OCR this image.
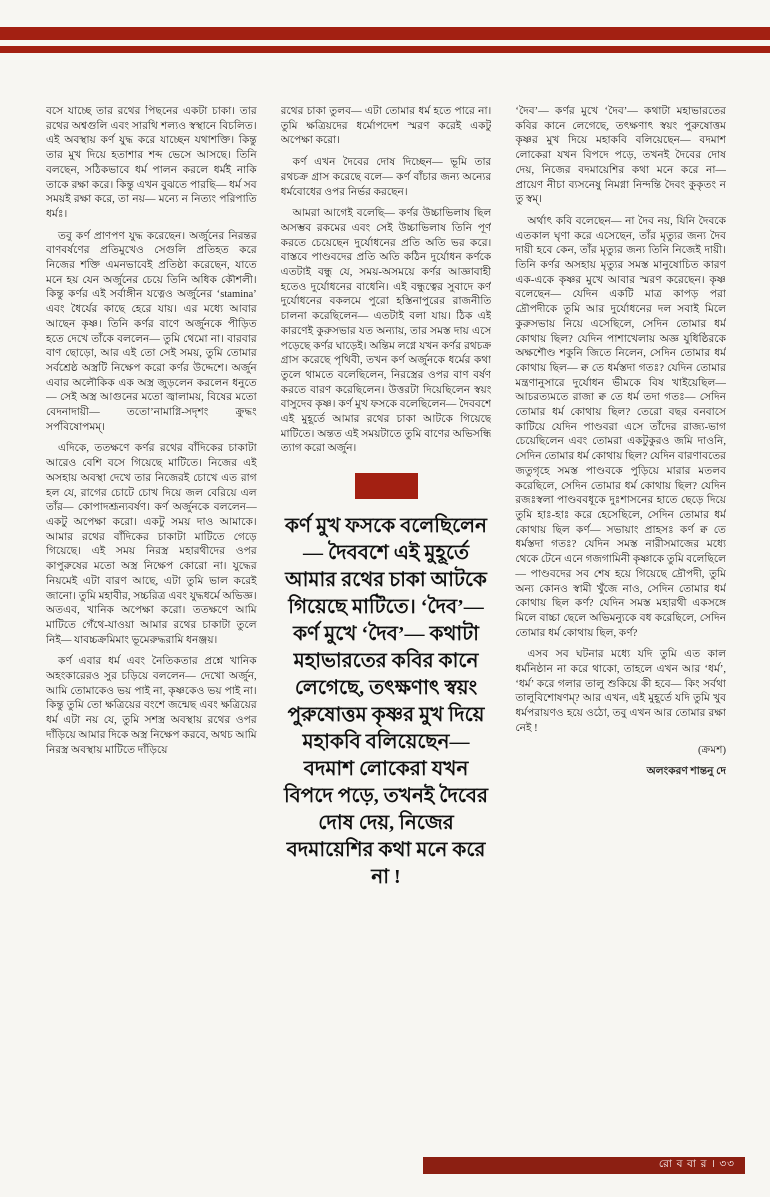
বসে যাচ্ছে তার রথের পিছনের একটা চাকা। তার রথের অশ্বগুলি এবং সারথি শল্যও স্বস্থানে বিচলিত। এই অবস্থায় কর্ণ যুদ্ধ করে যাচ্ছেন যথাশক্তি। কিন্তু তার মুখ দিয়ে হতাশার শব্দ ভেসে আসছে। তিনি বলছেন, সঠিকভাবে ধর্ম পালন করলে ধর্মই নাকি তাকে রক্ষা করে। কিন্তু এখন বুঝতে পারছি— ধর্ম সব সময়ই রক্ষা করে, তা নয়— মন্যে ন নিত্যং পরিপাতি ধর্মঃ।

তবু কর্ণ প্রাণপণ যুদ্ধ করেছেন। অর্জুনের নিরন্তর বাণবর্ষণের প্রতিমুখেও সেগুলি প্রতিহত করে নিজের শক্তি এমনভাবেই প্রতিষ্ঠা করেছেন, যাতে মনে হয় যেন অর্জুনের চেয়ে তিনি অধিক কৌশলী। কিন্তু কর্ণর এই সর্বাঙ্গীন যত্নেও অর্জুনের ‘stamina’ এবং ধৈর্যের কাছে হেরে যায়। এর মধ্যে আবার আছেন কৃষ্ণ। তিনি কর্ণর বাণে অর্জুনকে পীড়িত হতে দেখে তাঁকে বললেন— তুমি থেমো না। বারবার বাণ ছোড়ো, আর এই তো সেই সময়, তুমি তোমার সর্বশ্রেষ্ঠ অস্ত্রটি নিক্ষেপ করো কর্ণর উদ্দেশে। অর্জুন এবার অলৌকিক এক অস্ত্র জুড়লেন করলেন ধনুতে— সেই অস্ত্র আগুনের মতো জ্বালাময়, বিষের মতো বেদনাদায়ী— ততো’নামাগ্নি-সদৃশং ক্রুদ্ধং সর্পবিষোপমম্।

এদিকে, ততক্ষণে কর্ণর রথের বাঁদিকের চাকাটা আরেও বেশি বসে গিয়েছে মাটিতে। নিজের এই অসহায় অবস্থা দেখে তার নিজেরই চোখে এত রাগ হল যে, রাগের চোটে চোখ দিয়ে জল বেরিয়ে এল তাঁর— কোপাদশ্রূন্যবর্ষণ। কর্ণ অর্জুনকে বললেন— একটু অপেক্ষা করো। একটু সময় দাও আমাকে। আমার রথের বাঁদিকের চাকাটা মাটিতে গেড়ে গিয়েছে। এই সময় নিরস্ত্র মহারথীদের ওপর কাপুরুষের মতো অস্ত্র নিক্ষেপ কোরো না। যুদ্ধের নিয়মেই এটা বারণ আছে, এটা তুমি ভাল করেই জানো। তুমি মহাবীর, সচ্চরিত্র এবং যুদ্ধধর্মে অভিজ্ঞ। অতএব, খানিক অপেক্ষা করো। ততক্ষণে আমি মাটিতে গেঁথে-যাওয়া আমার রথের চাকাটা তুলে নিই— যাবচ্চক্রমিমাং ভূমেরুদ্ধরামি ধনঞ্জয়।

কর্ণ এবার ধর্ম এবং নৈতিকতার প্রশ্নে খানিক অহংকারেরও সুর চড়িয়ে বললেন— দেখো অর্জুন, আমি তোমাকেও ভয় পাই না, কৃষ্ণকেও ভয় পাই না। কিন্তু তুমি তো ক্ষত্রিয়ের বংশে জন্মেছ এবং ক্ষত্রিয়ের ধর্ম এটা নয় যে, তুমি সশস্ত্র অবস্থায় রথের ওপর দাঁড়িয়ে আমার দিকে অস্ত্র নিক্ষেপ করবে, অথচ আমি নিরস্ত্র অবস্থায় মাটিতে দাঁড়িয়ে

রথের চাকা তুলব— এটা তোমার ধর্ম হতে পারে না। তুমি ক্ষত্রিয়দের ধর্মোপদেশ স্মরণ করেই একটু অপেক্ষা করো।

কর্ণ এখন দৈবের দোষ দিচ্ছেন— ভূমি তার রথচক্র গ্রাস করেছে বলে— কর্ণ বাঁচার জন্য অন্যের ধর্মবোধের ওপর নির্ভর করছেন।

আমরা আগেই বলেছি— কর্ণর উচ্চাভিলাষ ছিল অসম্ভব রকমের এবং সেই উচ্চাভিলাষ তিনি পূর্ণ করতে চেয়েছেন দুর্যোধনের প্রতি অতি ভর করে। বাস্তবে পাণ্ডবদের প্রতি অতি কঠিন দুর্যোধন কর্ণকে এতটাই বন্ধু যে, সময়-অসময়ে কর্ণর আজ্ঞাবাহী হতেও দুর্যোধনের বাধেনি। এই বন্ধুত্বের সুবাদে কর্ণ দুর্যোধনের বকলমে পুরো হস্তিনাপুরের রাজনীতি চালনা করেছিলেন— এতটাই বলা যায়। ঠিক এই কারণেই কুরুসভার যত অন্যায়, তার সমস্ত দায় এসে পড়েছে কর্ণর ঘাড়েই। অন্তিম লগ্নে যখন কর্ণর রথচক্র গ্রাস করেছে পৃথিবী, তখন কর্ণ অর্জুনকে ধর্মের কথা তুলে থামতে বলেছিলেন, নিরস্ত্রের ওপর বাণ বর্ষণ করতে বারণ করেছিলেন। উত্তরটা দিয়েছিলেন স্বয়ং বাসুদেব কৃষ্ণ। কর্ণ মুখ ফসকে বলেছিলেন— দৈববশে এই মুহূর্তে আমার রথের চাকা আটকে গিয়েছে মাটিতে। অন্তত এই সময়টাতে তুমি বাণের অভিসন্ধি ত্যাগ করো অর্জুন।

কর্ণ মুখ ফসকে বলেছিলেন— দৈববশে এই মুহূর্তে আমার রথের চাকা আটকে গিয়েছে মাটিতে। ‘দৈব’— কর্ণ মুখে ‘দৈব’— কথাটা মহাভারতের কবির কানে লেগেছে, তৎক্ষণাৎ স্বয়ং পুরুষোত্তম কৃষ্ণর মুখ দিয়ে মহাকবি বলিয়েছেন— বদমাশ লোকেরা যখন বিপদে পড়ে, তখনই দৈবের দোষ দেয়, নিজের বদমায়েশির কথা মনে করে না !

‘দৈব’— কর্ণর মুখে ‘দৈব’— কথাটা মহাভারতের কবির কানে লেগেছে, তৎক্ষণাৎ স্বয়ং পুরুষোত্তম কৃষ্ণর মুখ দিয়ে মহাকবি বলিয়েছেন— বদমাশ লোকেরা যখন বিপদে পড়ে, তখনই দৈবের দোষ দেয়, নিজের বদমায়েশির কথা মনে করে না— প্রায়েণ নীচা ব্যসনেষু নিমগ্না নিন্দন্তি দৈবং কুকৃতং ন তু স্বম্।

অর্থাৎ কবি বলেছেন— না দৈব নয়, যিনি দৈবকে এতকাল ঘৃণা করে এসেছেন, তাঁর মৃত্যুর জন্য দৈব দায়ী হবে কেন, তাঁর মৃত্যুর জন্য তিনি নিজেই দায়ী। তিনি কর্ণর অসহায় মৃত্যুর সমস্ত মানুষোচিত কারণ এক-একে কৃষ্ণর মুখে আবার স্মরণ করেছেন। কৃষ্ণ বলেছেন— যেদিন একটি মাত্র কাপড় পরা দ্রৌপদীকে তুমি আর দুর্যোধনের দল সবাই মিলে কুরুসভায় নিয়ে এসেছিলে, সেদিন তোমার ধর্ম কোথায় ছিল? যেদিন পাশাখেলায় অজ্ঞ যুধিষ্ঠিরকে অক্ষশৌণ্ড শকুনি জিতে নিলেন, সেদিন তোমার ধর্ম কোথায় ছিল— ক্ব তে ধর্মস্তদা গতঃ? যেদিন তোমার মন্ত্রণানুসারে দুর্যোধন ভীমকে বিষ খাইয়েছিল— আচরত্যমতে রাজা ক্ব তে ধর্ম তদা গতঃ— সেদিন তোমার ধর্ম কোথায় ছিল? তেরো বছর বনবাসে কাটিয়ে যেদিন পাণ্ডবরা এসে তাঁদের রাজ্য-ভাগ চেয়েছিলেন এবং তোমরা একটুকুরও জমি দাওনি, সেদিন তোমার ধর্ম কোথায় ছিল? যেদিন বারণাবতের জতুগৃহে সমস্ত পাণ্ডবকে পুড়িয়ে মারার মতলব করেছিলে, সেদিন তোমার ধর্ম কোথায় ছিল? যেদিন রজঃস্বলা পাণ্ডববধূকে দুঃশাসনের হাতে ছেড়ে দিয়ে তুমি হাঃ-হাঃ করে হেসেছিলে, সেদিন তোমার ধর্ম কোথায় ছিল কর্ণ— সভায়াং প্রাহসঃ কর্ণ ক্ব তে ধর্মস্তদা গতঃ? যেদিন সমস্ত নারীসমাজের মধ্যে থেকে টেনে এনে গজগামিনী কৃষ্ণাকে তুমি বলেছিলে— পাণ্ডবদের সব শেষ হয়ে গিয়েছে দ্রৌপদী, তুমি অন্য কোনও স্বামী খুঁজে নাও, সেদিন তোমার ধর্ম কোথায় ছিল কর্ণ? যেদিন সমস্ত মহারথী একসঙ্গে মিলে বাচ্চা ছেলে অভিমন্যুকে বধ করেছিলে, সেদিন তোমার ধর্ম কোথায় ছিল, কর্ণ?

এসব সব ঘটনার মধ্যে যদি তুমি এত কাল ধর্মনিষ্ঠান না করে থাকো, তাহলে এখন আর ‘ধর্ম’, ‘ধর্ম’ করে গলার তালু শুকিয়ে কী হবে— কিং সর্বথা তালুবিশোষণম্? আর এখন, এই মুহূর্তে যদি তুমি খুব ধর্মপরায়ণও হয়ে ওঠো, তবু এখন আর তোমার রক্ষা নেই !

(ক্রমশ)

অলংকরণ শান্তনু দে

রো ব বা র । ৩৩
